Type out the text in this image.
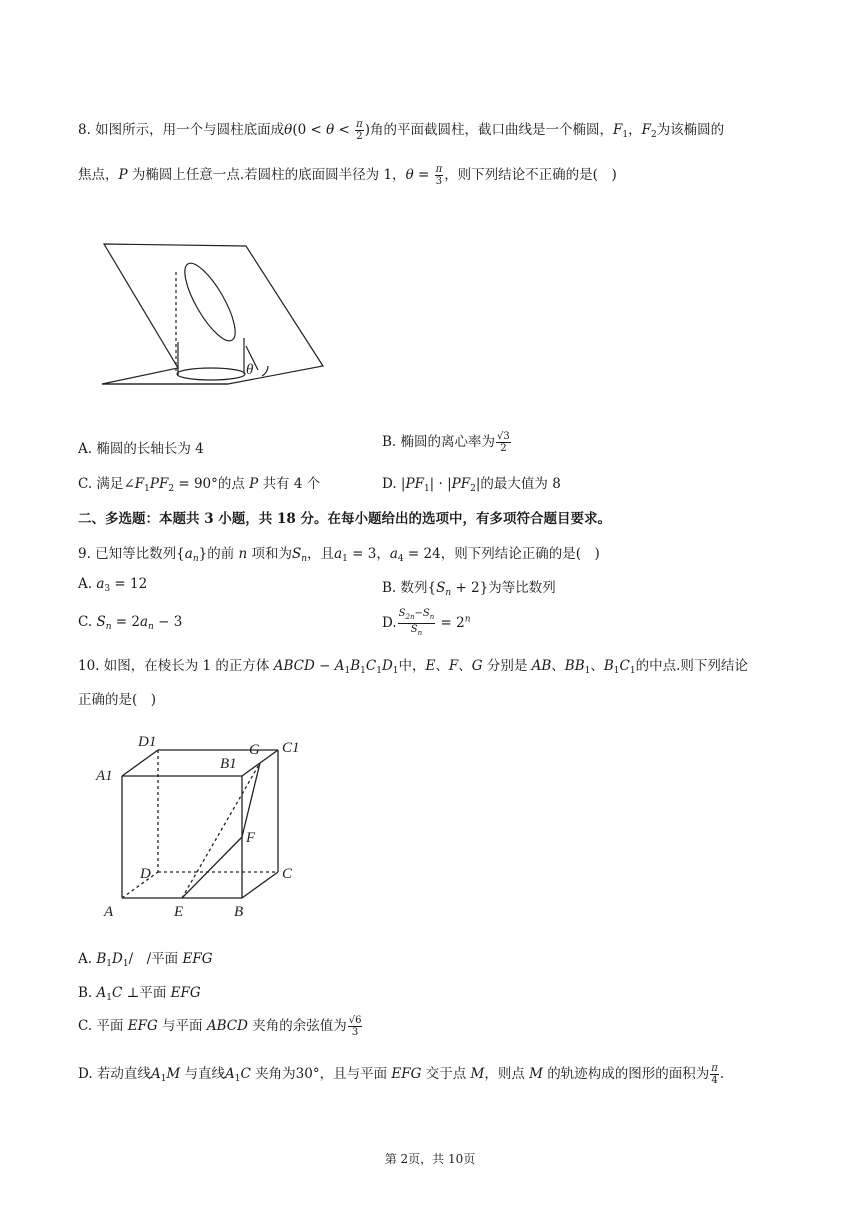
8. 如图所示，用一个与圆柱底面成$\theta(0 < \theta < \frac{\pi}{2}$ )角的平面截圆柱，截口曲线是一个椭圆，$F_1$，$F_2$为该椭圆的
焦点，P 为椭圆上任意一点.若圆柱的底面圆半径为 1，$\theta = \frac{\pi}{3}$ ，则下列结论不正确的是(　)
θ
A. 椭圆的长轴长为 4	B. 椭圆的离心率为 $\frac{√3}{2}$
C. 满足$\angle F_1PF_2 = 90^\circ$的点 P 共有 4 个	D. $|PF_1| \cdot |PF_2|$的最大值为 8
二、多选题：本题共 3 小题，共 18 分。在每小题给出的选项中，有多项符合题目要求。
9. 已知等比数列$\{a_n\}$的前 n 项和为$S_n$，且$a_1 = 3$，$a_4 = 24$，则下列结论正确的是(　)
A. $a_3 = 12$	B. 数列$\{S_n + 2\}$为等比数列
C. $S_n = 2a_n - 3$	D. $\frac{S_{2n}-S_n}{S_n} = 2^n$
10. 如图，在棱长为 1 的正方体 ABCD − $A_1B_1C_1D_1$中，E、F、G 分别是 AB、$BB_1$、$B_1C_1$的中点.则下列结论
正确的是(　)
D1	C1
A1
B1
G
F
D	C
A	E	B
A. $B_1D_1/$　/平面 EFG
B. $A_1C$ ⊥平面 EFG
C. 平面 EFG 与平面 ABCD 夹角的余弦值为 $\frac{√6}{3}$
D. 若动直线$A_1M$ 与直线$A_1C$ 夹角为30°，且与平面 EFG 交于点 M，则点 M 的轨迹构成的图形的面积为 $\frac{\pi}{4}$ .
第 2页，共 10页
